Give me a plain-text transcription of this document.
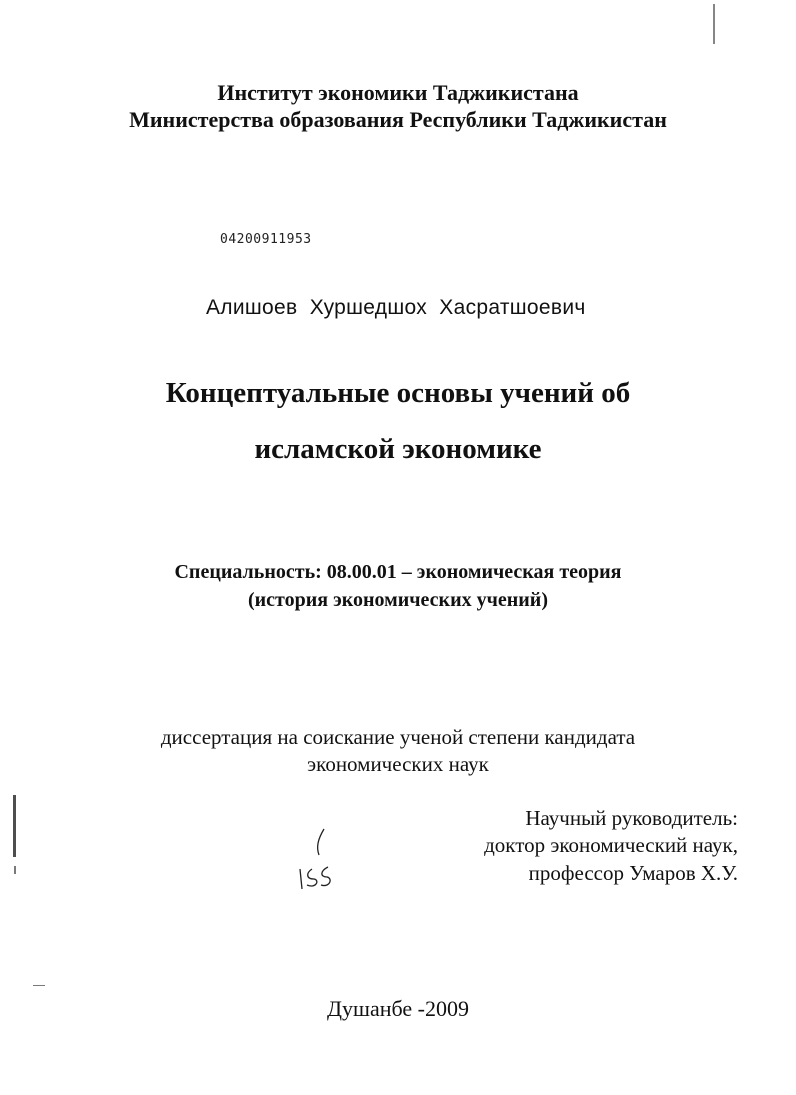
Институт экономики Таджикистана
Министерства образования Республики Таджикистан
04200911953
Алишоев  Хуршедшох  Хасратшоевич
Концептуальные основы учений об
исламской экономике
Специальность: 08.00.01 – экономическая теория
(история экономических учений)
диссертация на соискание ученой степени кандидата
экономических наук
Научный руководитель:
доктор экономический наук,
профессор Умаров Х.У.
Душанбе -2009
